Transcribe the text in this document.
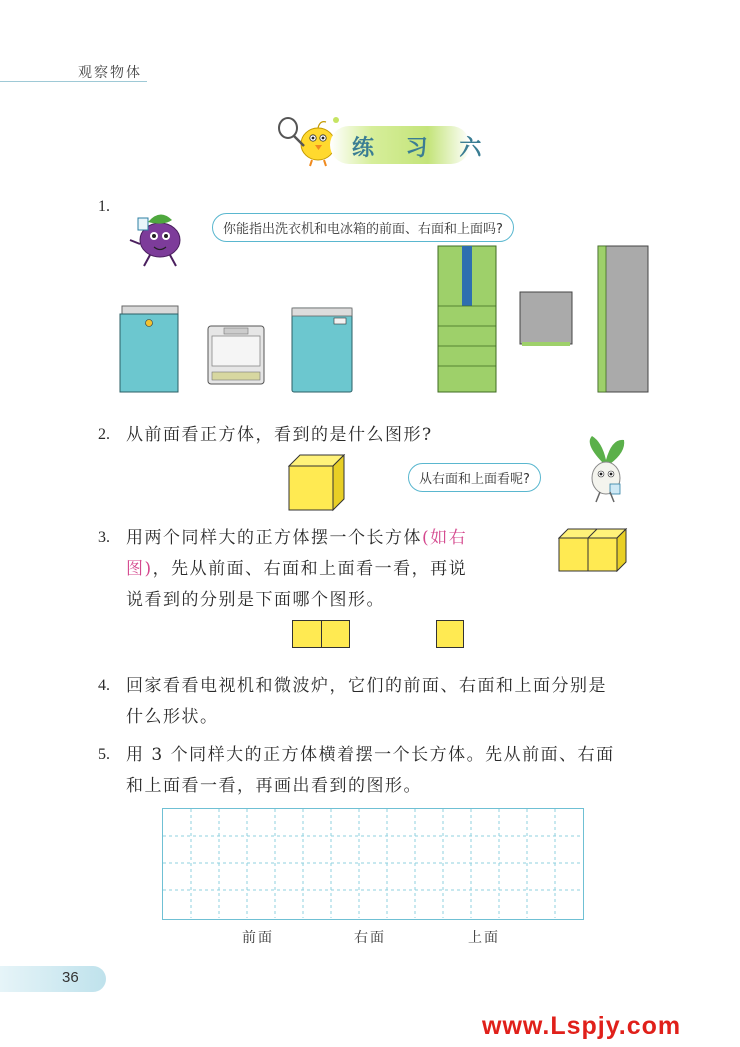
观察物体
练 习 六
1.
你能指出洗衣机和电冰箱的前面、右面和上面吗?
2. 从前面看正方体，看到的是什么图形?
从右面和上面看呢?
3. 用两个同样大的正方体摆一个长方体(如右
图)，先从前面、右面和上面看一看，再说
说看到的分别是下面哪个图形。
4. 回家看看电视机和微波炉，它们的前面、右面和上面分别是
什么形状。
5. 用 3 个同样大的正方体横着摆一个长方体。先从前面、右面
和上面看一看，再画出看到的图形。
前面	右面	上面
36
www.Lspjy.com
